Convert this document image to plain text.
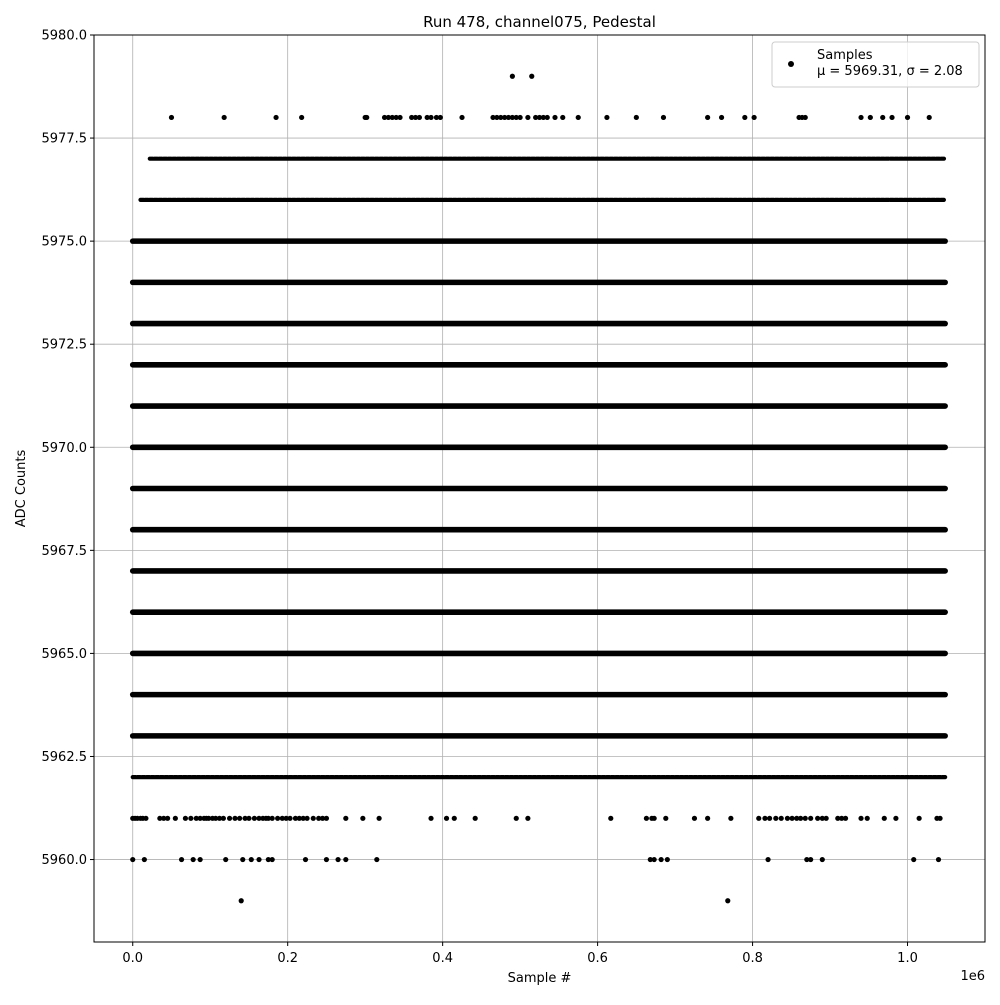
0.0	0.2	0.4	0.6	0.8	1.0
5960.0
5962.5
5965.0
5967.5
5970.0
5972.5
5975.0
5977.5
5980.0
Run 478, channel075, Pedestal
Sample #
ADC Counts
1e6
Samples
μ = 5969.31, σ = 2.08
